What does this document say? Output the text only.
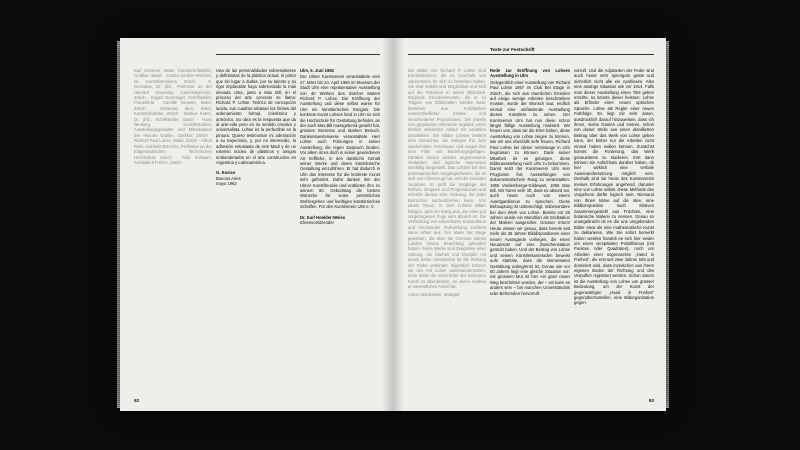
Karl Gerstner, Maler, Kunstschriftsteller, Grafiker, Basel · Carola Giedion-Welcker, Dr., Kunsthistorikerin, Zürich · S. Gonzales, Dr. phil., Professor an der Harvard University, Cambridge/USA, Zürich · Eugen Gomringer, Schriftsteller, Frauenfeld · Camille Graeser, Maler, Zürich · Johannes Itten, Maler, Kunstschulleiter, Zürich · Markus Kutter, Dr. phil., Schriftsteller, Basel · Hans Neuburg, Kunsthistoriker, Ausstellungsgestalter und Mitredakteur der »Neuen Grafik«, Grafiker, Zürich · Richard Paul Lohse, Maler, Zürich · Alfred Roth, Architekt BSA/SIA, Professor an der Eidgenössischen Technischen Hochschule Zürich · Felix Schwarz, Architekt ETH/SIA, Zürich
Una de las personalidades sobresalientes y definitorias de la plástica actual, el pintor que sin lugar a dudas, por su talento y su rigor implacable haya sobrevolado la más elevada cima, junto a Max Bill, en el proceso del arte concreto se llama: Richard P. Lohse. Teórico de concepción lucida, sus cuadros rebasan los límites del ordenamiento formal, colorístico y armónico. Su obra es la respuesta que da al arte-vida pero en su sentido creativo y universalista. Lohse es la perfectible en la pintura. Quiero testimoniar mi admiración a su trayectoria, y, por mi intermedio, la adhesión entusiasta de Arte Madi y de un extenso núcleo de plásticos y amigos embanderados en el arte constructivo en Argentina y Latinoamérica.
G. Kosice
Buenos Aires
mayo 1962
Ulm, 5. Juni 1962
Der Ulmer Kunstverein veranstaltete vom 27. März bis 24. April 1960 im Museum der Stadt Ulm eine repräsentative Ausstellung von 40 Werken des Zürcher Malers Richard P. Lohse. Die Eröffnung der Ausstellung und diese selbst waren für Ulm ein künstlerisches Ereignis. Die konkrete Kunst Lohses fand in Ulm so sich die Hochschule für Gestaltung befindet, an der auch Max Bill massgebend gewirkt hat, grosses Interesse und starken Besuch. Dankenswerterweise veranstaltete Herr Lohse auch Führungen in seiner Ausstellung, die regen Zuspruch fanden. Vor allem ist es doch in seiner gewordenen Art treffliche, in den dankliche Gehalt seiner Werke und deren künstlerische Gestaltung einzuführen. Er hat dadurch in Ulm das Interesse für die konkrete Kunst sehr gefördert. Dafür danken ihm der Ulmer Kunstfreunde und entbieten ihm zu seinem 60. Geburtstag die besten Wünsche für seine persönliches Wohlergehen und künftiges künstlerisches Schaffen. Für den Kunstverein Ulm e. V.
Dr. Karl Hoelder-Weiss
Ehrenvorsitzender
92
Texte zur Festschrift
Die Bilder von Richard P. Lohse sind Konstruktionen, die es innerhalb von Jahrzehnten für sich zu bestehen haben. Sie sind Vorbild und Möglichkeit und sich auf die Präzision in seiner Bildarbeit. Nirgends Grundelementen, die er zu Trägern von Bildinhalten werden lässt, bestehen aus Farbflächen unterschiedlicher Grösse und verschiedener Proportionen. Die jeweils neu gegebenen Elemente ergeben einen ähnlich wirkenden Ablauf mit variablen Dynamiken. Die Bilder Lohses besteht dem Betrachter, sie zwingen ihn zum wiederholten Anschauen und zeigen ihm eine Fülle von Beziehungsgefügen. Darüber hinaus werden angemessene Gedanken und logische Harmonien sinnfällig dargestellt. Das Lohses bei den protestantischen Vergangenheiten, die es sich zum Überzeugt hat, und die einander zuordnen. Er prüft die Vorgänge der Reihen, Gruppen und Progressionen und schreibt daraus eine Ordnung, die jeder Betrachter nachvollziehen kann. Von einem Raum, in dem Lohses Bilder hängen, geht ein Klang aus, der einer gut vorgetragenen Fuge sehr ähnlich ist. Die Verbindung von erkennbarer Konstruktion und emotionaler Farbwirkung zeichnet seine Arbeit aus. Der Maler hat Wege gewiesen, die über die Grenzen seines Landes hinaus Beachtung gefunden haben. Seine Werke sind Zeugnisse einer Haltung, die Klarheit und Disziplin mit einem tiefen Verständnis für die Wirkung der Farbe verbindet. Eigentlich können wir uns mit Lohse auseinandersetzen, ohne dabei die Geschichte der konkreten Kunst zu überdenken, an deren Ausbau er wesentlichen Anteil hat.
Anton Stankowski, Stuttgart
Rede zur Eröffnung von Lohses Ausstellung in Ulm
Gelegentlich einer Ausstellung von Richard Paul Lohse 1957 im Club Bel Etage in Zürich, die sich aus räumlichen Gründen auf einige wenige Arbeiten beschränken musste, wurde der Wunsch laut, endlich einmal eine umfassende Ausstellung dieses Künstlers zu sehen. Der Kunstverein Ulm hat nun diese schon längst fällige Ausstellung realisiert. Wir freuen uns, dass wir die Ehre haben, diese Ausstellung von Lohse zeigen zu können, wie wir uns ebenfalls sehr freuen, Richard Paul Lohse bei dieser Vernissage in Ulm begrüssen zu können. Dank seiner Mitarbeit ist es gelungen, diese Bilderausstellung nach Ulm zu bekommen. Damit setzt der Kunstverein Ulm sein Programm fort, Ausstellungen von dokumentarischem Rang zu veranstalten: 1955 Vordemberge-Gildewart, 1956 Max Bill. Wir hören sehr oft, dass es absurd sei, auch heute noch von einem Avantgardismus zu sprechen. Diese Behauptung ist unberechtigt, insbesondere bei dem Werk von Lohse. Bereits vor 25 Jahren wurde ein Mondrian als Endstation der Malerei ausgerufen. Grosser Irrtum! Heute wissen wir genau, dass bereits seit mehr als 35 Jahren Bilddispositionen einer neuen Avantgarde vorliegen, die einen Neuansatz auf eine Zwischenstation gerückt haben. Und der Beitrag von Lohse und seinen Künstlerkameraden beweist aufs stärkste, dass die elementaren Gestaltung unbegrenzt ist. Genau wie vor 50 Jahren liegt eine gleiche Situation vor: mit grossem Mut ist hier ein ganz neuer Weg beschritten worden, der – wir kann es anders sein – bei manchen Unverständnis oder Befremden hervorruft.
vorruft. Und die Adjutanten der Feder sind auch heute sehr sprengam gesät und sicherlich nicht alle ein Apollinaire. Also eine analoge Situation wie vor 1914. Falls man dieser Ausstellung einen Titel geben möchte, so könnte dieser heissen: Lohse als Erfinder einer neuen optischen Sprache. Lohse als Regler einer neuen Farbfolge. Es liegt mir sehr daran, ausdrücklich darauf hinzuweisen, dass ich ihnen, meine Damen und Herren, schon von dieser Stelle aus einen detaillierten Beitrag über das Werk von Lohse geben kann, der bisher nur die Arbeiten nicht einmal haben wollen können. Zunächst kommt die Forderung, das Werk genauestens zu studieren. Erst dann können Sie Aufschluss darüber haben, ob hier wirklich eine verbale Auseinandersetzung möglich sein. Deshalb sind wir heute des Kunstvereins meines Erfahrungen angehend, darunter eine von Lohse selbst. Diese Methode des Vorgehens dürfte logisch sein. Niemand von Ihnen käme auf die Idee, eine Bildkomposition nach Motiven zusammengestellt aus Früchten, eine botanische Malerei zu nennen. Genau so unangebracht ist es die uns umgebenden Bilder etwa als eine mathematische Kunst zu deklarieren. Wie Sie sofort bemerkt haben werden handelt es sich hier weder um einen verspäteten Pointillismus (mit Punkten oder Quadraten), noch um Arbeiten einer sogenannten „Hand in Freiheit“, die erst seit zwei Jahren tobt und dominiert wird, dass inzwischen aus ihrem eigenen Boden der Richtung und des Verpuffen registriert werden. Schon darum ist die Ausstellung von Lohse von grosser Bedeutung, um der Kunst der gegenwärtigen „Hand in Freiheit“ gegenüberzustellen, eine Bildorganisation gegen-
93
